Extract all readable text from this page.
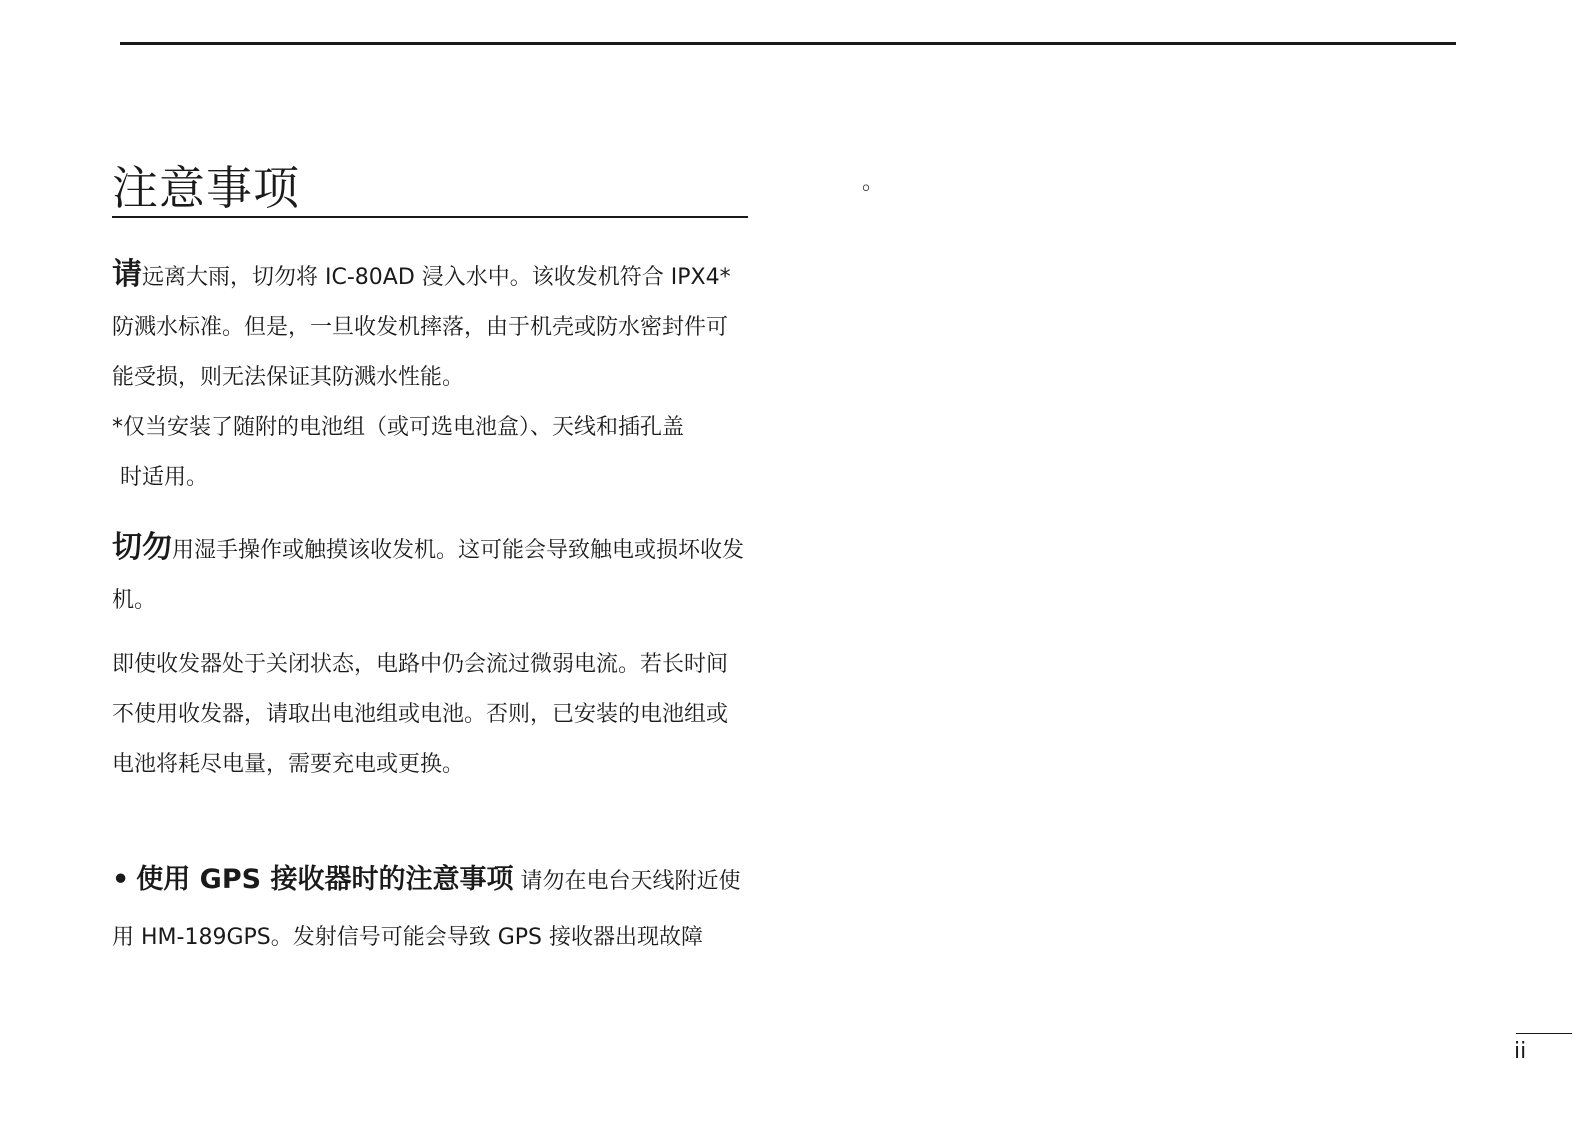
注意事项

请远离大雨，切勿将 IC-80AD 浸入水中。该收发机符合 IPX4* 防溅水标准。但是，一旦收发机摔落，由于机壳或防水密封件可能受损，则无法保证其防溅水性能。

*仅当安装了随附的电池组（或可选电池盒）、天线和插孔盖
时适用。

切勿用湿手操作或触摸该收发机。这可能会导致触电或损坏收发机。

即使收发器处于关闭状态，电路中仍会流过微弱电流。若长时间不使用收发器，请取出电池组或电池。否则，已安装的电池组或电池将耗尽电量，需要充电或更换。

• 使用 GPS 接收器时的注意事项 请勿在电台天线附近使用 HM-189GPS。发射信号可能会导致 GPS 接收器出现故障

。
ii
